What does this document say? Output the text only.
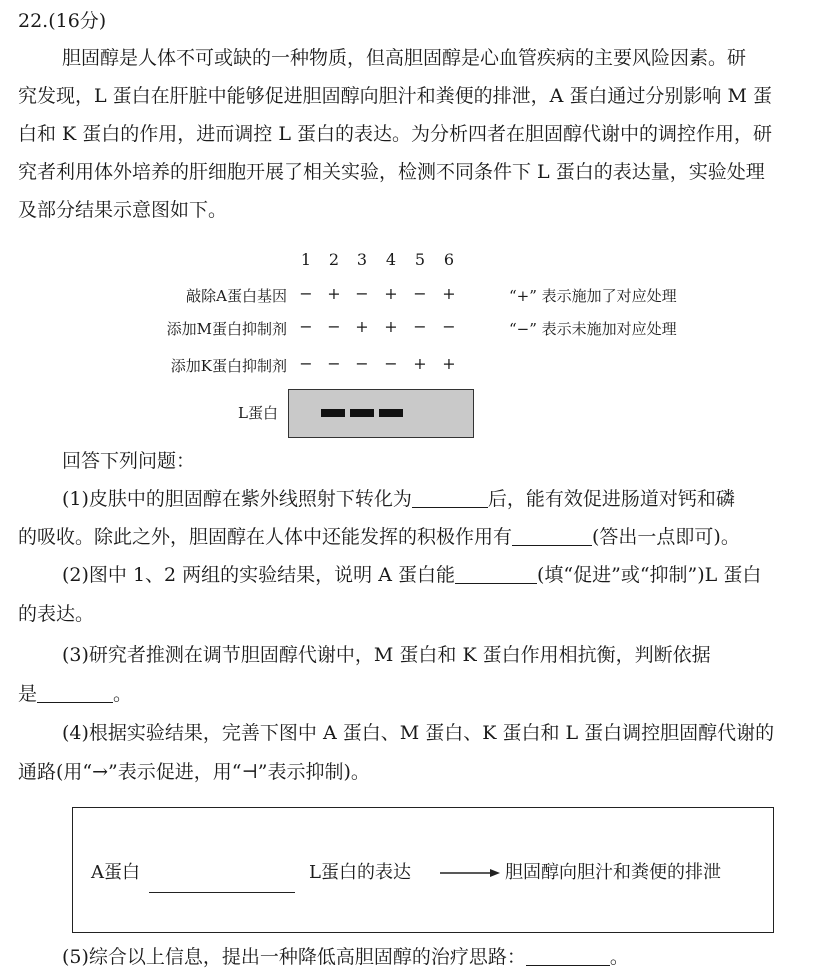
22.(16分)
胆固醇是人体不可或缺的一种物质，但高胆固醇是心血管疾病的主要风险因素。研
究发现，L 蛋白在肝脏中能够促进胆固醇向胆汁和粪便的排泄，A 蛋白通过分别影响 M 蛋
白和 K 蛋白的作用，进而调控 L 蛋白的表达。为分析四者在胆固醇代谢中的调控作用，研
究者利用体外培养的肝细胞开展了相关实验，检测不同条件下 L 蛋白的表达量，实验处理
及部分结果示意图如下。
1 2 3 4 5 6
敲除A蛋白基因 − + − + − +	“+” 表示施加了对应处理
添加M蛋白抑制剂 − − + + − −	“−” 表示未施加对应处理
添加K蛋白抑制剂 − − − − + +
L蛋白
回答下列问题：
(1)皮肤中的胆固醇在紫外线照射下转化为	后，能有效促进肠道对钙和磷
的吸收。除此之外，胆固醇在人体中还能发挥的积极作用有	(答出一点即可)。
(2)图中 1、2 两组的实验结果，说明 A 蛋白能	(填“促进”或“抑制”)L 蛋白
的表达。
(3)研究者推测在调节胆固醇代谢中，M 蛋白和 K 蛋白作用相抗衡，判断依据
是	。
(4)根据实验结果，完善下图中 A 蛋白、M 蛋白、K 蛋白和 L 蛋白调控胆固醇代谢的
通路(用“→”表示促进，用“⊣”表示抑制)。
A蛋白	L蛋白的表达	胆固醇向胆汁和粪便的排泄
(5)综合以上信息，提出一种降低高胆固醇的治疗思路：	。
